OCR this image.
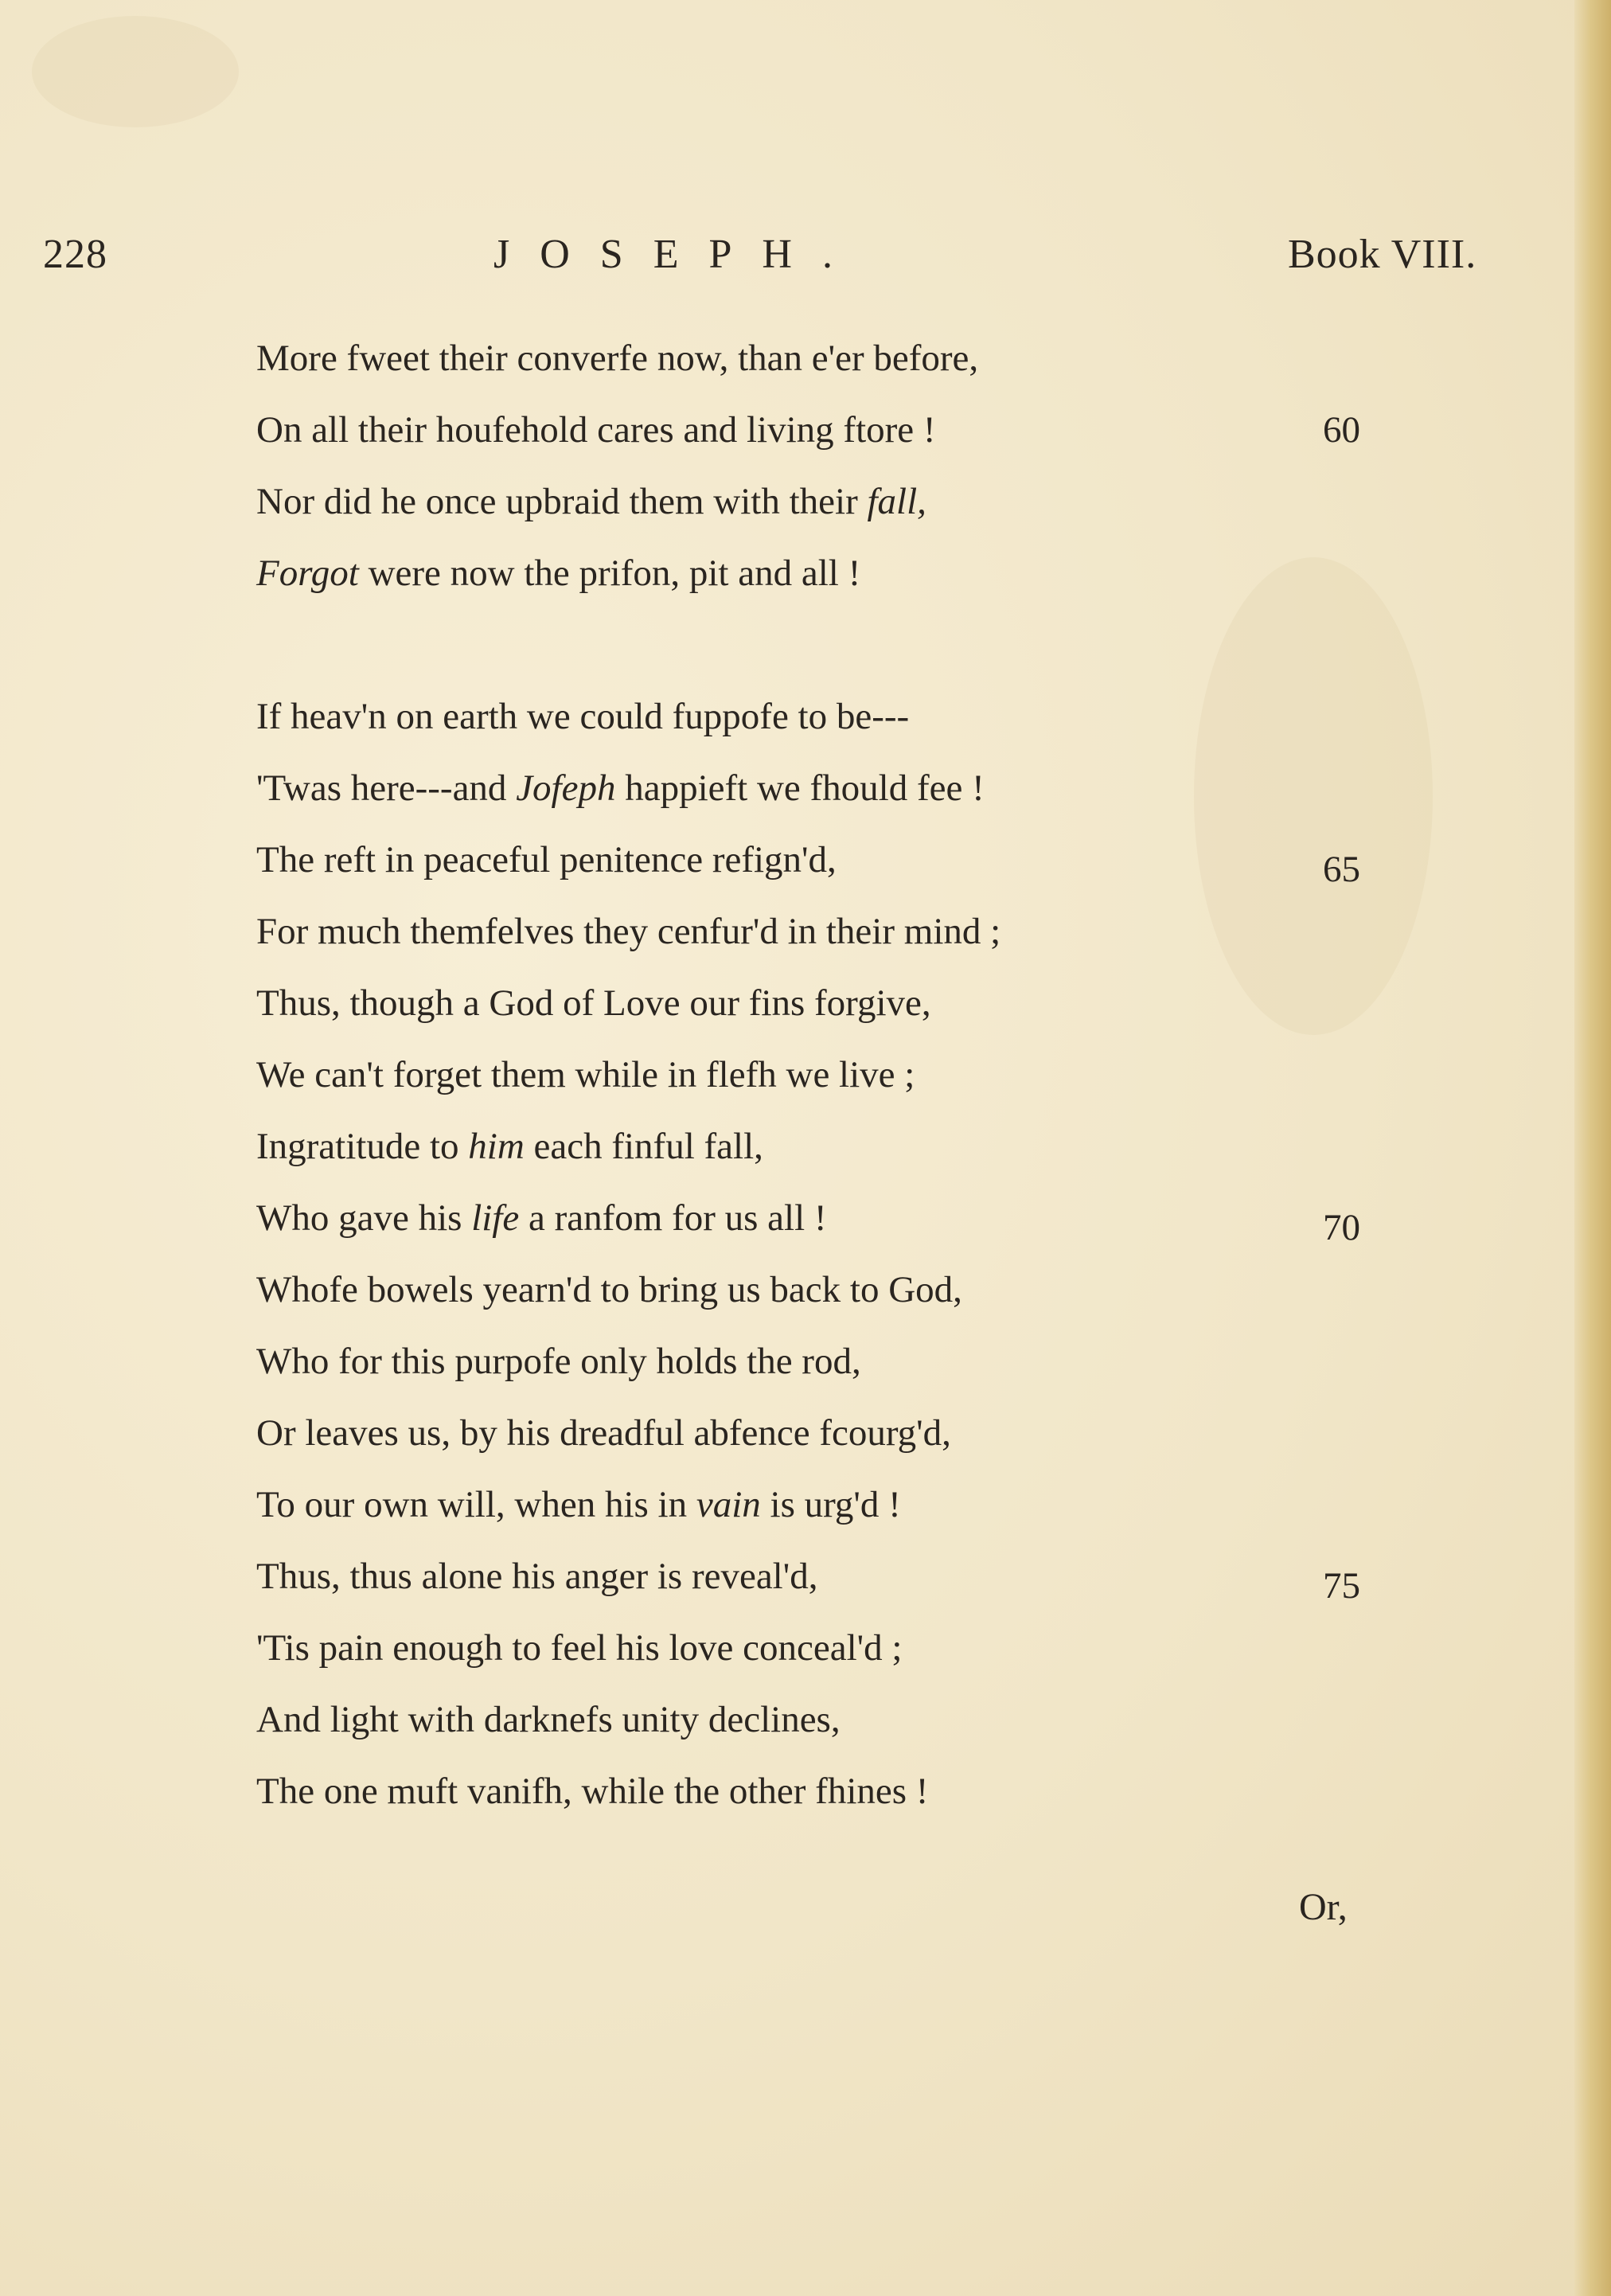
228	JOSEPH.	Book VIII.
More fweet their converfe now, than e'er before,
On all their houfehold cares and living ftore !
Nor did he once upbraid them with their fall,
Forgot were now the prifon, pit and all !
If heav'n on earth we could fuppofe to be---
'Twas here---and Jofeph happieft we fhould fee !
The reft in peaceful penitence refign'd,
For much themfelves they cenfur'd in their mind ;
Thus, though a God of Love our fins forgive,
We can't forget them while in flefh we live ;
Ingratitude to him each finful fall,
Who gave his life a ranfom for us all !
Whofe bowels yearn'd to bring us back to God,
Who for this purpofe only holds the rod,
Or leaves us, by his dreadful abfence fcourg'd,
To our own will, when his in vain is urg'd !
Thus, thus alone his anger is reveal'd,
'Tis pain enough to feel his love conceal'd ;
And light with darknefs unity declines,
The one muft vanifh, while the other fhines !
60
65
70
75
Or,
